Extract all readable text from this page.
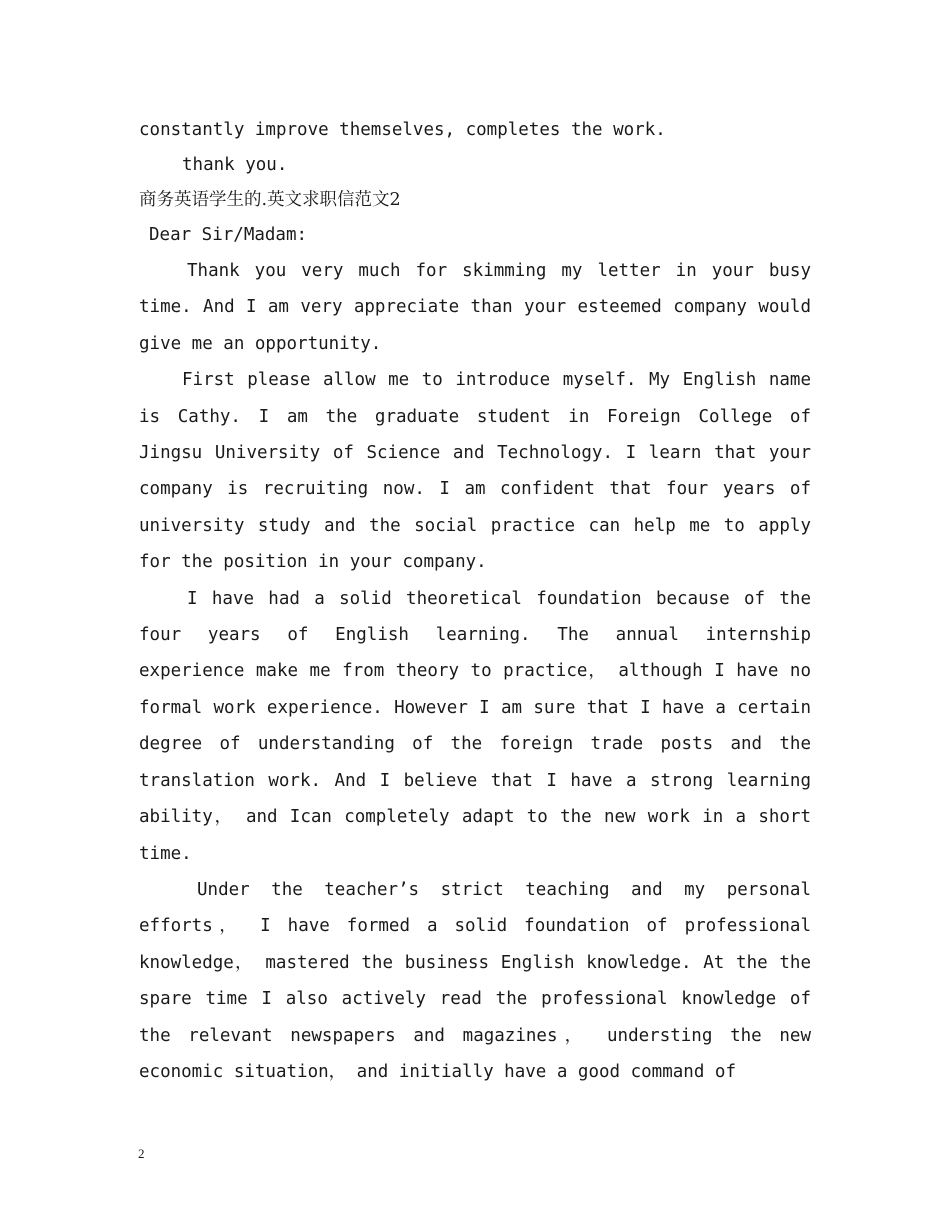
constantly improve themselves, completes the work.
thank you.
商务英语学生的.英文求职信范文2
Dear Sir/Madam:

Thank you very much for skimming my letter in your busy time. And I am very appreciate than your esteemed company would give me an opportunity.

First please allow me to introduce myself. My English name is Cathy. I am the graduate student in Foreign College of Jingsu University of Science and Technology. I learn that your company is recruiting now. I am confident that four years of university study and the social practice can help me to apply for the position in your company.

I have had a solid theoretical foundation because of the four years of English learning. The annual internship experience make me from theory to practice， although I have no formal work experience. However I am sure that I have a certain degree of understanding of the foreign trade posts and the translation work. And I believe that I have a strong learning ability， and Ican completely adapt to the new work in a short time.

Under the teacher’s strict teaching and my personal efforts， I have formed a solid foundation of professional knowledge， mastered the business English knowledge. At the the spare time I also actively read the professional knowledge of the relevant newspapers and magazines， understing the new economic situation， and initially have a good command of

2
